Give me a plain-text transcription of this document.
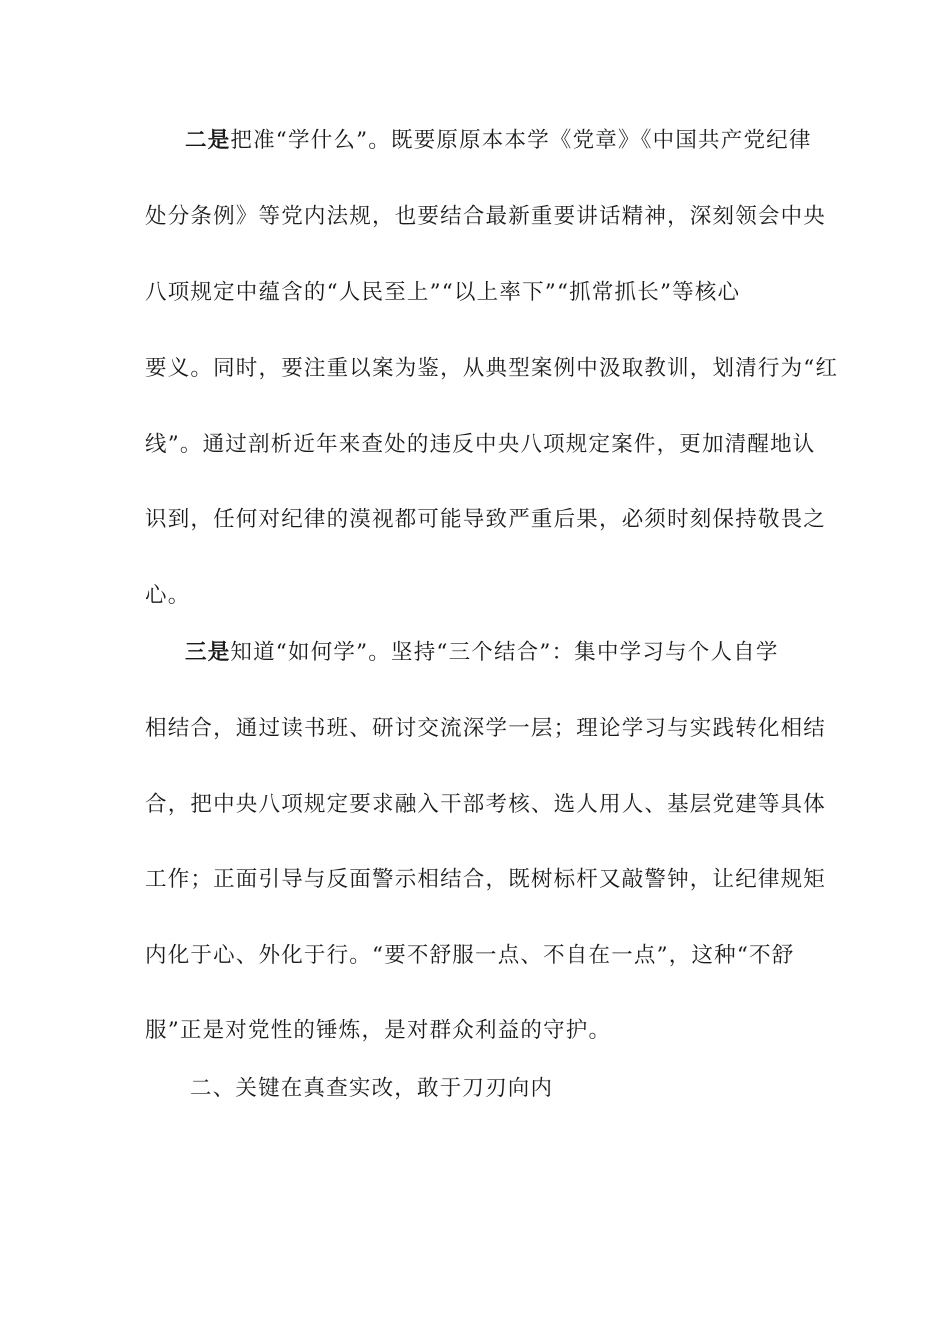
二是把准“学什么”。既要原原本本学《党章》《中国共产党纪律
处分条例》等党内法规，也要结合最新重要讲话精神，深刻领会中央
八项规定中蕴含的“人民至上”“以上率下”“抓常抓长”等核心
要义。同时，要注重以案为鉴，从典型案例中汲取教训，划清行为“红
线”。通过剖析近年来查处的违反中央八项规定案件，更加清醒地认
识到，任何对纪律的漠视都可能导致严重后果，必须时刻保持敬畏之
心。
三是知道“如何学”。坚持“三个结合”：集中学习与个人自学
相结合，通过读书班、研讨交流深学一层；理论学习与实践转化相结
合，把中央八项规定要求融入干部考核、选人用人、基层党建等具体
工作；正面引导与反面警示相结合，既树标杆又敲警钟，让纪律规矩
内化于心、外化于行。“要不舒服一点、不自在一点”，这种“不舒
服”正是对党性的锤炼，是对群众利益的守护。
二、关键在真查实改，敢于刀刃向内
